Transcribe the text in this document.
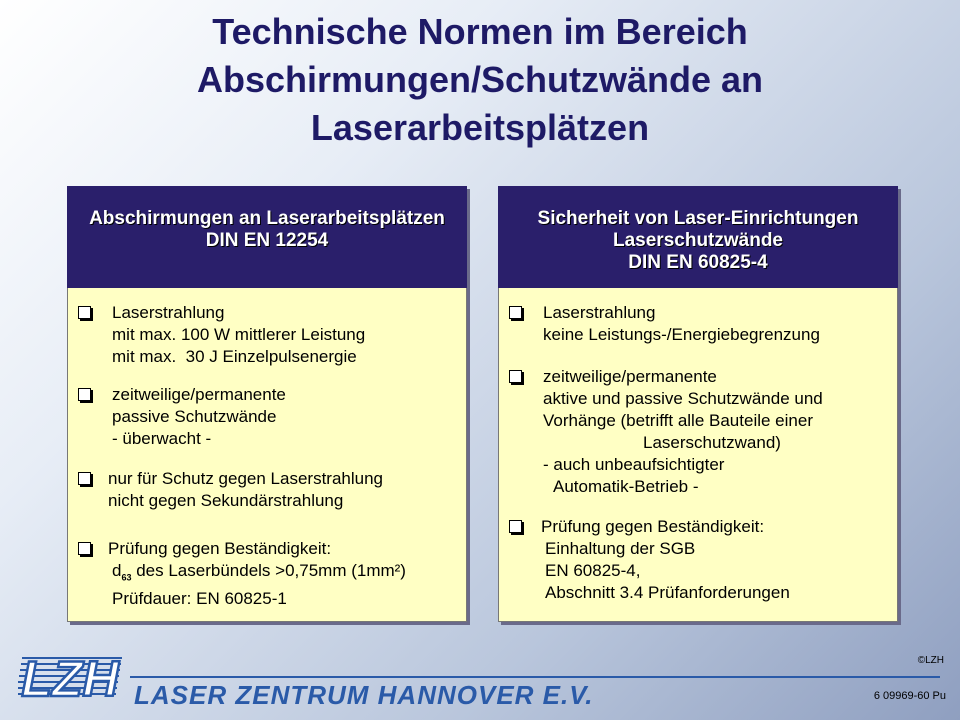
Technische Normen im Bereich
Abschirmungen/Schutzwände an
Laserarbeitsplätzen
Abschirmungen an Laserarbeitsplätzen
DIN EN 12254
Laserstrahlung
mit max. 100 W mittlerer Leistung
mit max.  30 J Einzelpulsenergie
zeitweilige/permanente
passive Schutzwände
- überwacht -
nur für Schutz gegen Laserstrahlung
nicht gegen Sekundärstrahlung
Prüfung gegen Beständigkeit:
$d_{63}$ des Laserbündels >0,75mm (1mm²)
Prüfdauer: EN 60825-1
Sicherheit von Laser-Einrichtungen
Laserschutzwände
DIN EN 60825-4
Laserstrahlung
keine Leistungs-/Energiebegrenzung
zeitweilige/permanente
aktive und passive Schutzwände und
Vorhänge (betrifft alle Bauteile einer
Laserschutzwand)
- auch unbeaufsichtigter
Automatik-Betrieb -
Prüfung gegen Beständigkeit:
Einhaltung der SGB
EN 60825-4,
Abschnitt 3.4 Prüfanforderungen
LZH LASER ZENTRUM HANNOVER E.V.
©LZH
6 09969-60 Pu
